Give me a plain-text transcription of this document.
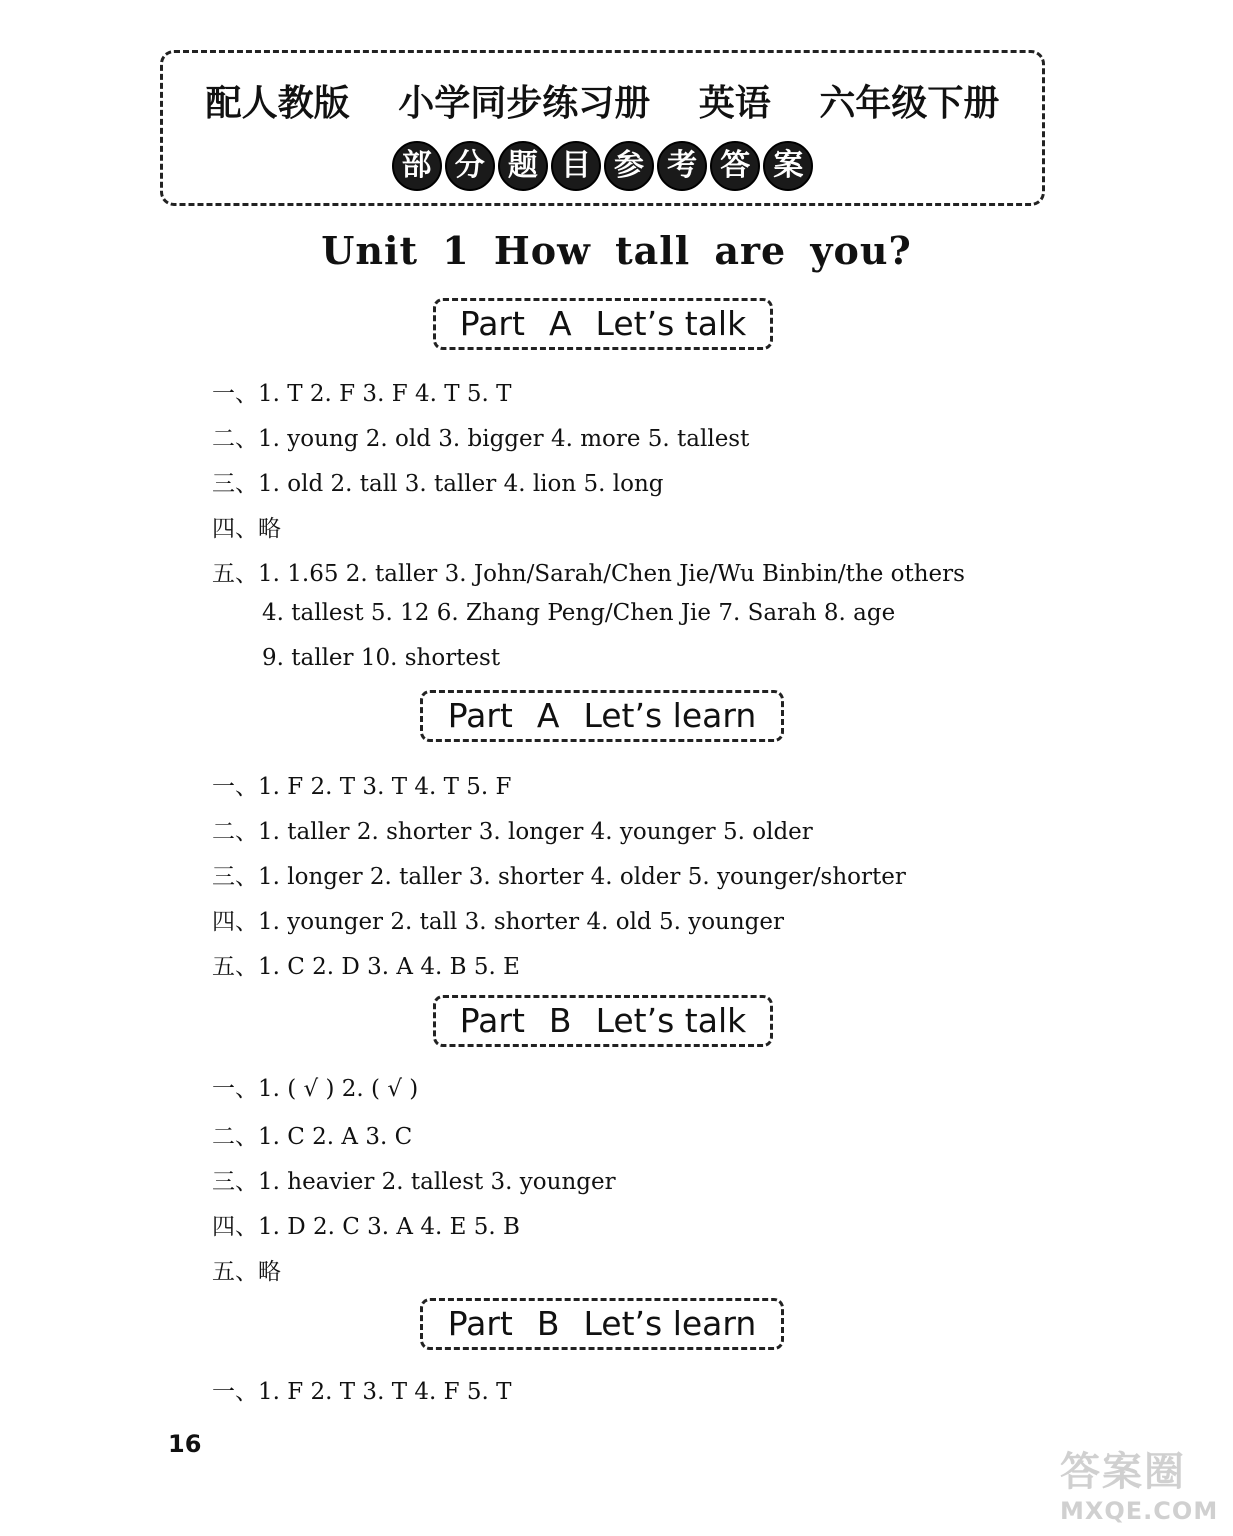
配人教版 小学同步练习册 英语 六年级下册
部 分 题 目 参 考 答 案
Unit 1 How tall are you?
Part A Let’s talk
一、1. T 2. F 3. F 4. T 5. T
二、1. young 2. old 3. bigger 4. more 5. tallest
三、1. old 2. tall 3. taller 4. lion 5. long
四、略
五、1. 1.65 2. taller 3. John/Sarah/Chen Jie/Wu Binbin/the others
4. tallest 5. 12 6. Zhang Peng/Chen Jie 7. Sarah 8. age
9. taller 10. shortest
Part A Let’s learn
一、1. F 2. T 3. T 4. T 5. F
二、1. taller 2. shorter 3. longer 4. younger 5. older
三、1. longer 2. taller 3. shorter 4. older 5. younger/shorter
四、1. younger 2. tall 3. shorter 4. old 5. younger
五、1. C 2. D 3. A 4. B 5. E
Part B Let’s talk
一、1. ( √ ) 2. ( √ )
二、1. C 2. A 3. C
三、1. heavier 2. tallest 3. younger
四、1. D 2. C 3. A 4. E 5. B
五、略
Part B Let’s learn
一、1. F 2. T 3. T 4. F 5. T
16
答案圈
MXQE.COM
